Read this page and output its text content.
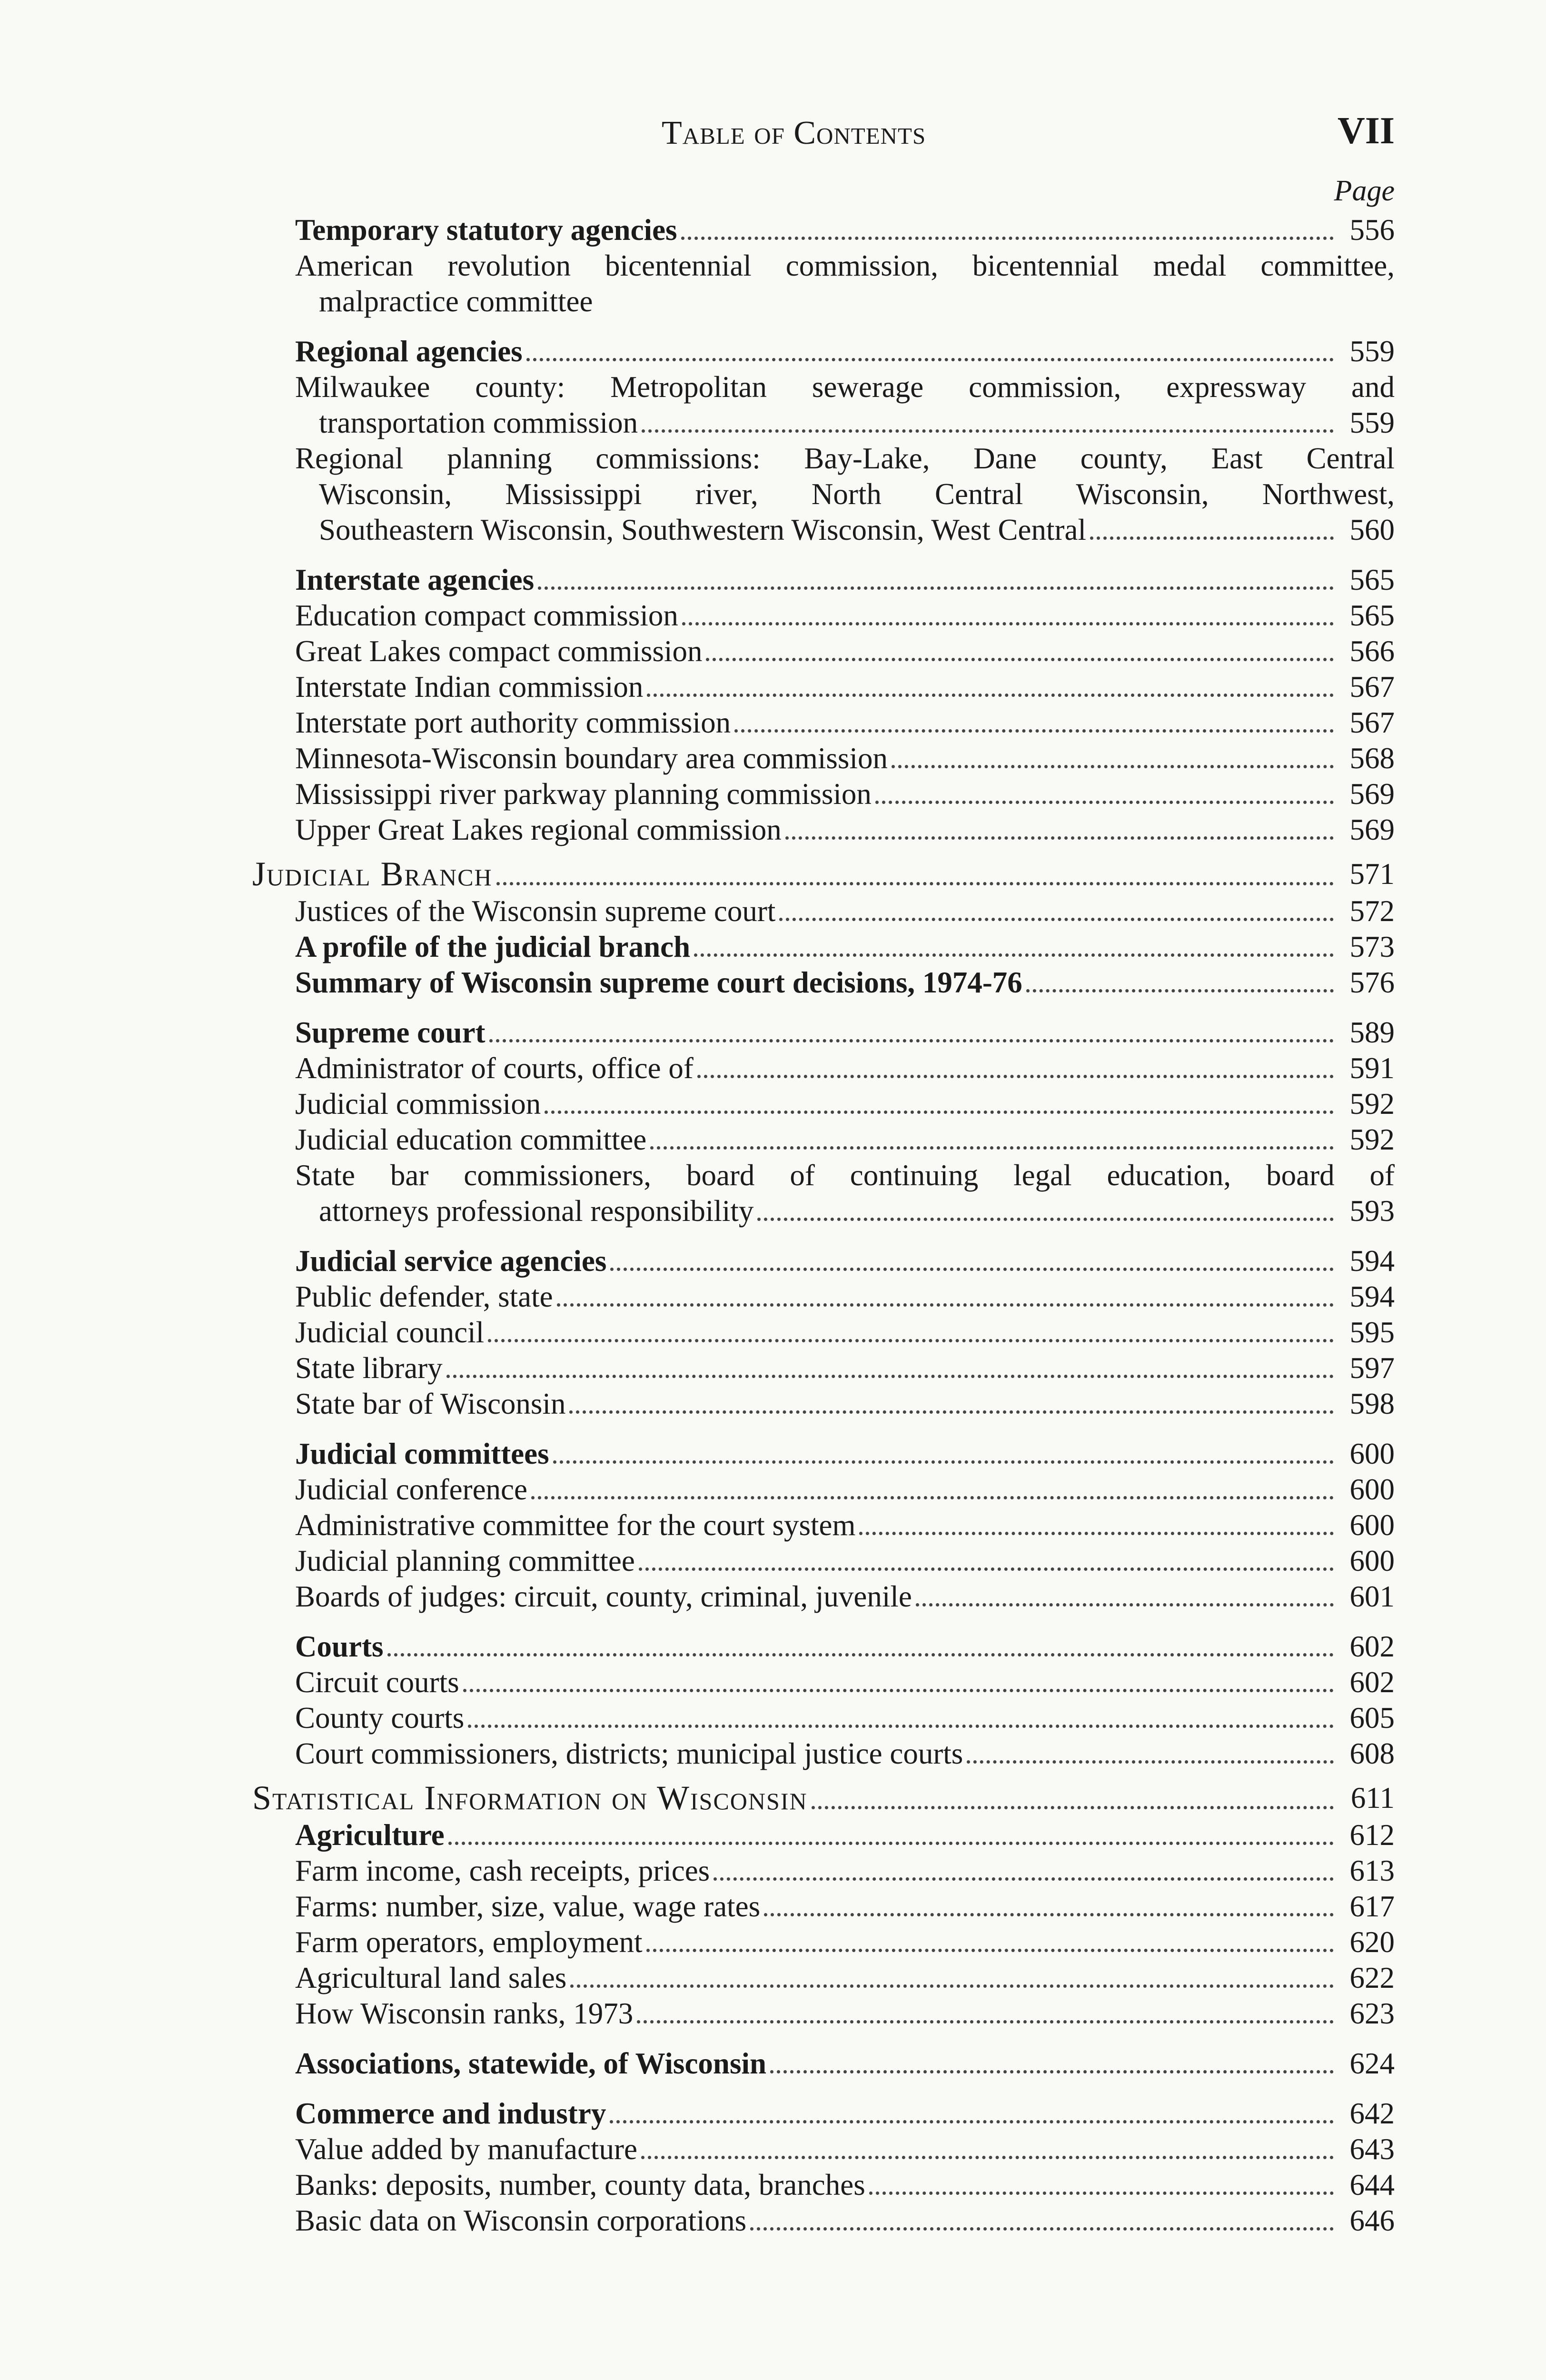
Table of Contents	VII
Page
Temporary statutory agencies	556
American revolution bicentennial commission, bicentennial medal committee,
malpractice committee
Regional agencies	559
Milwaukee county: Metropolitan sewerage commission, expressway and
transportation commission	559
Regional planning commissions: Bay-Lake, Dane county, East Central
Wisconsin, Mississippi river, North Central Wisconsin, Northwest,
Southeastern Wisconsin, Southwestern Wisconsin, West Central	560
Interstate agencies	565
Education compact commission	565
Great Lakes compact commission	566
Interstate Indian commission	567
Interstate port authority commission	567
Minnesota-Wisconsin boundary area commission	568
Mississippi river parkway planning commission	569
Upper Great Lakes regional commission	569
Judicial Branch	571
Justices of the Wisconsin supreme court	572
A profile of the judicial branch	573
Summary of Wisconsin supreme court decisions, 1974-76	576
Supreme court	589
Administrator of courts, office of	591
Judicial commission	592
Judicial education committee	592
State bar commissioners, board of continuing legal education, board of
attorneys professional responsibility	593
Judicial service agencies	594
Public defender, state	594
Judicial council	595
State library	597
State bar of Wisconsin	598
Judicial committees	600
Judicial conference	600
Administrative committee for the court system	600
Judicial planning committee	600
Boards of judges: circuit, county, criminal, juvenile	601
Courts	602
Circuit courts	602
County courts	605
Court commissioners, districts; municipal justice courts	608
Statistical Information on Wisconsin	611
Agriculture	612
Farm income, cash receipts, prices	613
Farms: number, size, value, wage rates	617
Farm operators, employment	620
Agricultural land sales	622
How Wisconsin ranks, 1973	623
Associations, statewide, of Wisconsin	624
Commerce and industry	642
Value added by manufacture	643
Banks: deposits, number, county data, branches	644
Basic data on Wisconsin corporations	646
